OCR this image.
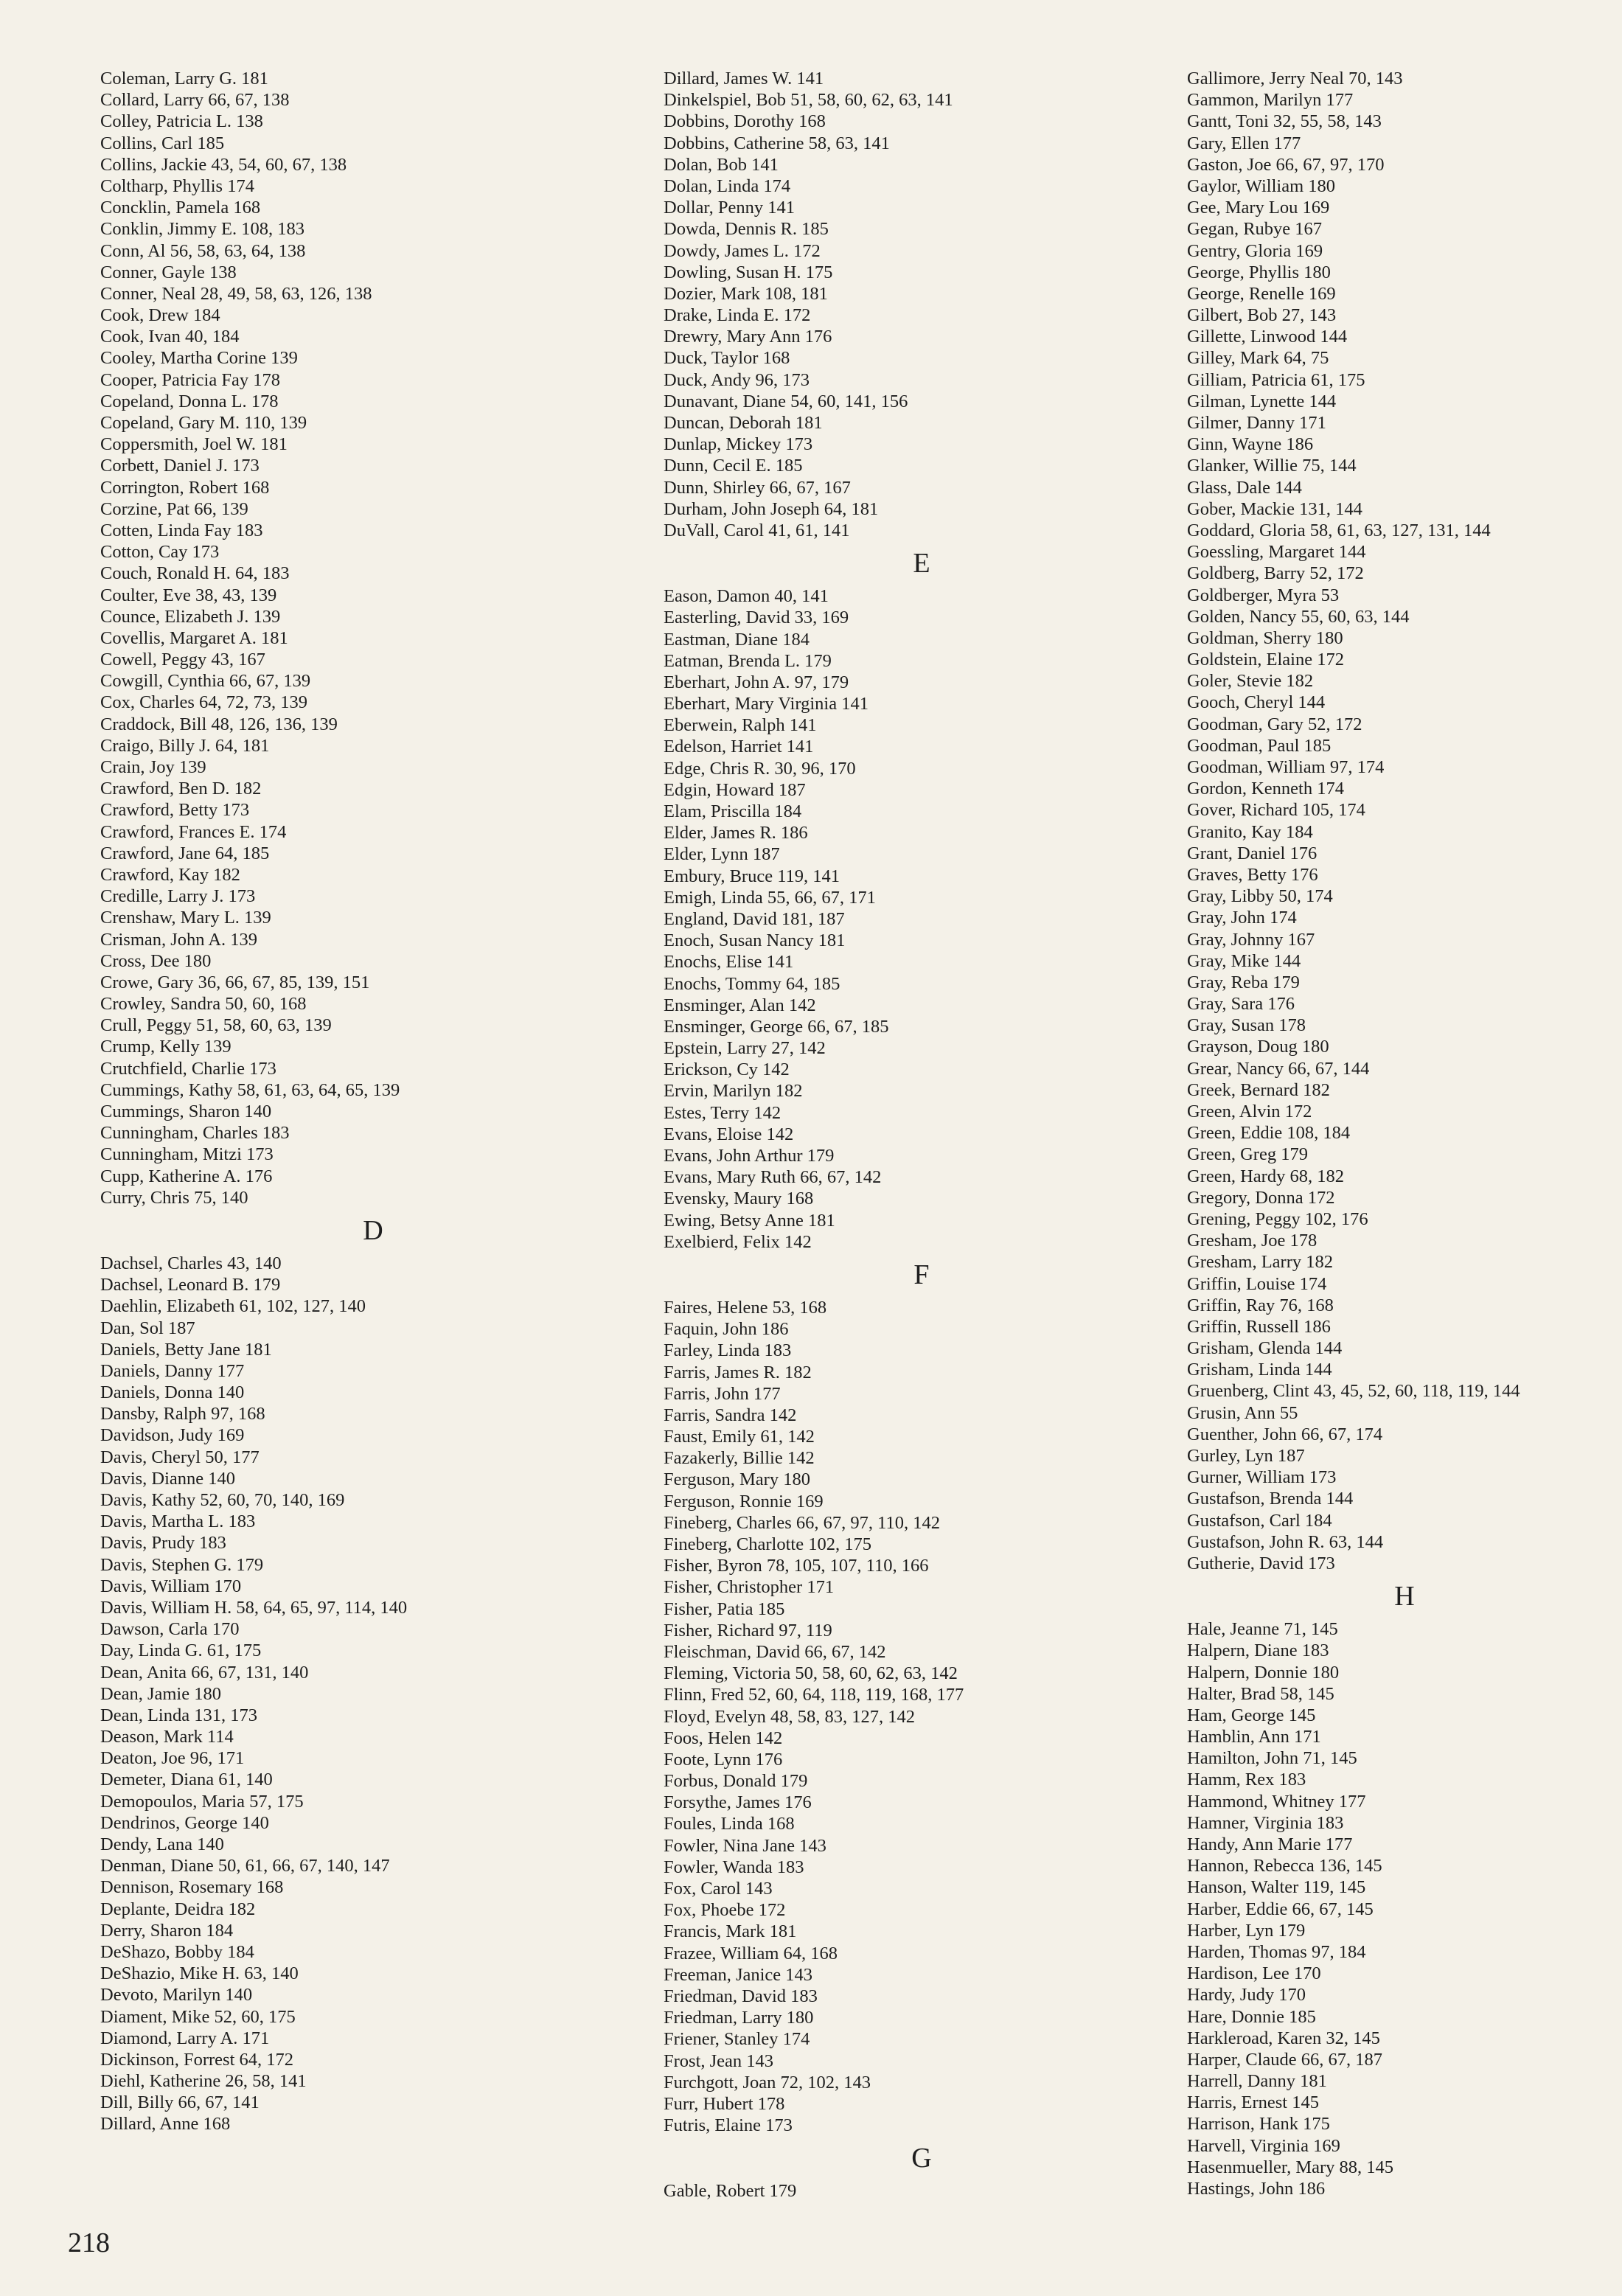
Coleman, Larry G. 181
Collard, Larry 66, 67, 138
Colley, Patricia L. 138
Collins, Carl 185
Collins, Jackie 43, 54, 60, 67, 138
Coltharp, Phyllis 174
Concklin, Pamela 168
Conklin, Jimmy E. 108, 183
Conn, Al 56, 58, 63, 64, 138
Conner, Gayle 138
Conner, Neal 28, 49, 58, 63, 126, 138
Cook, Drew 184
Cook, Ivan 40, 184
Cooley, Martha Corine 139
Cooper, Patricia Fay 178
Copeland, Donna L. 178
Copeland, Gary M. 110, 139
Coppersmith, Joel W. 181
Corbett, Daniel J. 173
Corrington, Robert 168
Corzine, Pat 66, 139
Cotten, Linda Fay 183
Cotton, Cay 173
Couch, Ronald H. 64, 183
Coulter, Eve 38, 43, 139
Counce, Elizabeth J. 139
Covellis, Margaret A. 181
Cowell, Peggy 43, 167
Cowgill, Cynthia 66, 67, 139
Cox, Charles 64, 72, 73, 139
Craddock, Bill 48, 126, 136, 139
Craigo, Billy J. 64, 181
Crain, Joy 139
Crawford, Ben D. 182
Crawford, Betty 173
Crawford, Frances E. 174
Crawford, Jane 64, 185
Crawford, Kay 182
Credille, Larry J. 173
Crenshaw, Mary L. 139
Crisman, John A. 139
Cross, Dee 180
Crowe, Gary 36, 66, 67, 85, 139, 151
Crowley, Sandra 50, 60, 168
Crull, Peggy 51, 58, 60, 63, 139
Crump, Kelly 139
Crutchfield, Charlie 173
Cummings, Kathy 58, 61, 63, 64, 65, 139
Cummings, Sharon 140
Cunningham, Charles 183
Cunningham, Mitzi 173
Cupp, Katherine A. 176
Curry, Chris 75, 140
D
Dachsel, Charles 43, 140
Dachsel, Leonard B. 179
Daehlin, Elizabeth 61, 102, 127, 140
Dan, Sol 187
Daniels, Betty Jane 181
Daniels, Danny 177
Daniels, Donna 140
Dansby, Ralph 97, 168
Davidson, Judy 169
Davis, Cheryl 50, 177
Davis, Dianne 140
Davis, Kathy 52, 60, 70, 140, 169
Davis, Martha L. 183
Davis, Prudy 183
Davis, Stephen G. 179
Davis, William 170
Davis, William H. 58, 64, 65, 97, 114, 140
Dawson, Carla 170
Day, Linda G. 61, 175
Dean, Anita 66, 67, 131, 140
Dean, Jamie 180
Dean, Linda 131, 173
Deason, Mark 114
Deaton, Joe 96, 171
Demeter, Diana 61, 140
Demopoulos, Maria 57, 175
Dendrinos, George 140
Dendy, Lana 140
Denman, Diane 50, 61, 66, 67, 140, 147
Dennison, Rosemary 168
Deplante, Deidra 182
Derry, Sharon 184
DeShazo, Bobby 184
DeShazio, Mike H. 63, 140
Devoto, Marilyn 140
Diament, Mike 52, 60, 175
Diamond, Larry A. 171
Dickinson, Forrest 64, 172
Diehl, Katherine 26, 58, 141
Dill, Billy 66, 67, 141
Dillard, Anne 168
Dillard, James W. 141
Dinkelspiel, Bob 51, 58, 60, 62, 63, 141
Dobbins, Dorothy 168
Dobbins, Catherine 58, 63, 141
Dolan, Bob 141
Dolan, Linda 174
Dollar, Penny 141
Dowda, Dennis R. 185
Dowdy, James L. 172
Dowling, Susan H. 175
Dozier, Mark 108, 181
Drake, Linda E. 172
Drewry, Mary Ann 176
Duck, Taylor 168
Duck, Andy 96, 173
Dunavant, Diane 54, 60, 141, 156
Duncan, Deborah 181
Dunlap, Mickey 173
Dunn, Cecil E. 185
Dunn, Shirley 66, 67, 167
Durham, John Joseph 64, 181
DuVall, Carol 41, 61, 141
E
Eason, Damon 40, 141
Easterling, David 33, 169
Eastman, Diane 184
Eatman, Brenda L. 179
Eberhart, John A. 97, 179
Eberhart, Mary Virginia 141
Eberwein, Ralph 141
Edelson, Harriet 141
Edge, Chris R. 30, 96, 170
Edgin, Howard 187
Elam, Priscilla 184
Elder, James R. 186
Elder, Lynn 187
Embury, Bruce 119, 141
Emigh, Linda 55, 66, 67, 171
England, David 181, 187
Enoch, Susan Nancy 181
Enochs, Elise 141
Enochs, Tommy 64, 185
Ensminger, Alan 142
Ensminger, George 66, 67, 185
Epstein, Larry 27, 142
Erickson, Cy 142
Ervin, Marilyn 182
Estes, Terry 142
Evans, Eloise 142
Evans, John Arthur 179
Evans, Mary Ruth 66, 67, 142
Evensky, Maury 168
Ewing, Betsy Anne 181
Exelbierd, Felix 142
F
Faires, Helene 53, 168
Faquin, John 186
Farley, Linda 183
Farris, James R. 182
Farris, John 177
Farris, Sandra 142
Faust, Emily 61, 142
Fazakerly, Billie 142
Ferguson, Mary 180
Ferguson, Ronnie 169
Fineberg, Charles 66, 67, 97, 110, 142
Fineberg, Charlotte 102, 175
Fisher, Byron 78, 105, 107, 110, 166
Fisher, Christopher 171
Fisher, Patia 185
Fisher, Richard 97, 119
Fleischman, David 66, 67, 142
Fleming, Victoria 50, 58, 60, 62, 63, 142
Flinn, Fred 52, 60, 64, 118, 119, 168, 177
Floyd, Evelyn 48, 58, 83, 127, 142
Foos, Helen 142
Foote, Lynn 176
Forbus, Donald 179
Forsythe, James 176
Foules, Linda 168
Fowler, Nina Jane 143
Fowler, Wanda 183
Fox, Carol 143
Fox, Phoebe 172
Francis, Mark 181
Frazee, William 64, 168
Freeman, Janice 143
Friedman, David 183
Friedman, Larry 180
Friener, Stanley 174
Frost, Jean 143
Furchgott, Joan 72, 102, 143
Furr, Hubert 178
Futris, Elaine 173
G
Gable, Robert 179
Gallimore, Jerry Neal 70, 143
Gammon, Marilyn 177
Gantt, Toni 32, 55, 58, 143
Gary, Ellen 177
Gaston, Joe 66, 67, 97, 170
Gaylor, William 180
Gee, Mary Lou 169
Gegan, Rubye 167
Gentry, Gloria 169
George, Phyllis 180
George, Renelle 169
Gilbert, Bob 27, 143
Gillette, Linwood 144
Gilley, Mark 64, 75
Gilliam, Patricia 61, 175
Gilman, Lynette 144
Gilmer, Danny 171
Ginn, Wayne 186
Glanker, Willie 75, 144
Glass, Dale 144
Gober, Mackie 131, 144
Goddard, Gloria 58, 61, 63, 127, 131, 144
Goessling, Margaret 144
Goldberg, Barry 52, 172
Goldberger, Myra 53
Golden, Nancy 55, 60, 63, 144
Goldman, Sherry 180
Goldstein, Elaine 172
Goler, Stevie 182
Gooch, Cheryl 144
Goodman, Gary 52, 172
Goodman, Paul 185
Goodman, William 97, 174
Gordon, Kenneth 174
Gover, Richard 105, 174
Granito, Kay 184
Grant, Daniel 176
Graves, Betty 176
Gray, Libby 50, 174
Gray, John 174
Gray, Johnny 167
Gray, Mike 144
Gray, Reba 179
Gray, Sara 176
Gray, Susan 178
Grayson, Doug 180
Grear, Nancy 66, 67, 144
Greek, Bernard 182
Green, Alvin 172
Green, Eddie 108, 184
Green, Greg 179
Green, Hardy 68, 182
Gregory, Donna 172
Grening, Peggy 102, 176
Gresham, Joe 178
Gresham, Larry 182
Griffin, Louise 174
Griffin, Ray 76, 168
Griffin, Russell 186
Grisham, Glenda 144
Grisham, Linda 144
Gruenberg, Clint 43, 45, 52, 60, 118, 119, 144
Grusin, Ann 55
Guenther, John 66, 67, 174
Gurley, Lyn 187
Gurner, William 173
Gustafson, Brenda 144
Gustafson, Carl 184
Gustafson, John R. 63, 144
Gutherie, David 173
H
Hale, Jeanne 71, 145
Halpern, Diane 183
Halpern, Donnie 180
Halter, Brad 58, 145
Ham, George 145
Hamblin, Ann 171
Hamilton, John 71, 145
Hamm, Rex 183
Hammond, Whitney 177
Hamner, Virginia 183
Handy, Ann Marie 177
Hannon, Rebecca 136, 145
Hanson, Walter 119, 145
Harber, Eddie 66, 67, 145
Harber, Lyn 179
Harden, Thomas 97, 184
Hardison, Lee 170
Hardy, Judy 170
Hare, Donnie 185
Harkleroad, Karen 32, 145
Harper, Claude 66, 67, 187
Harrell, Danny 181
Harris, Ernest 145
Harrison, Hank 175
Harvell, Virginia 169
Hasenmueller, Mary 88, 145
Hastings, John 186
218
